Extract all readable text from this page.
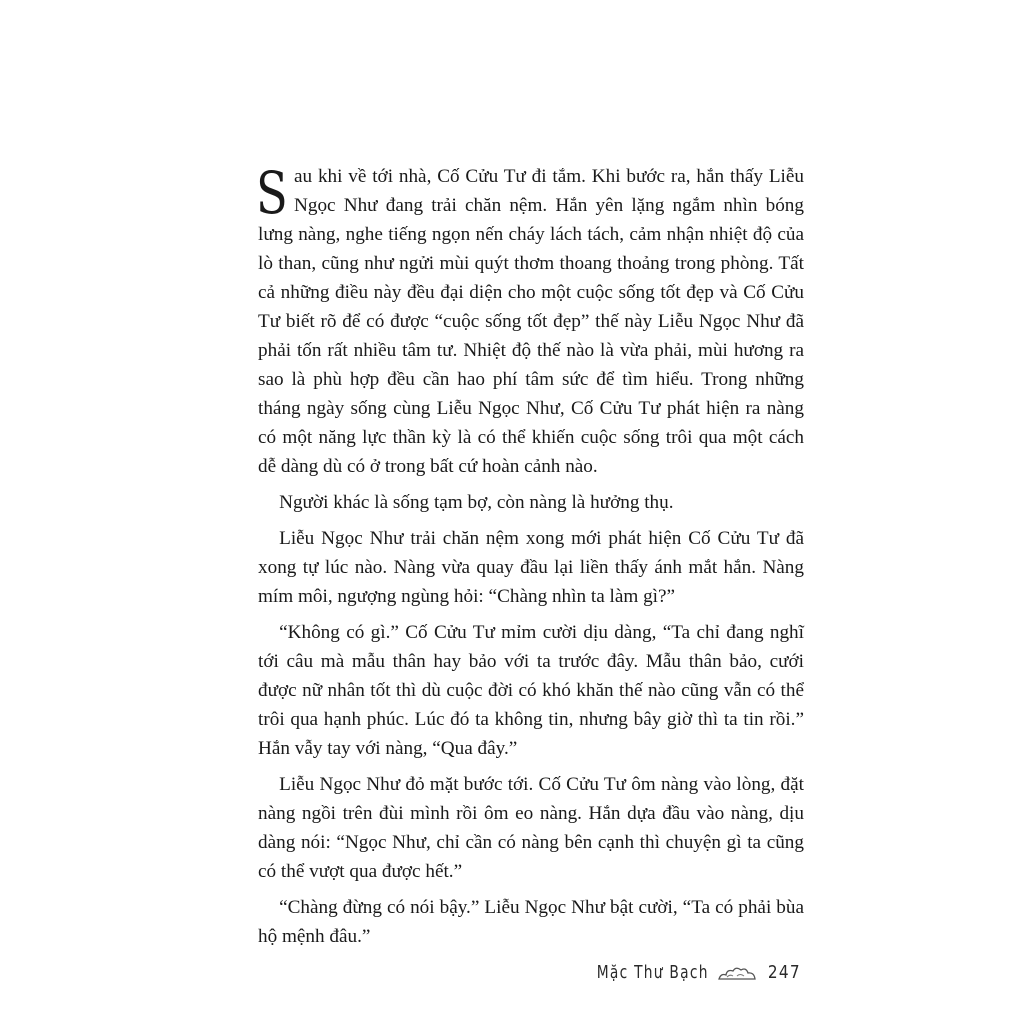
Sau khi về tới nhà, Cố Cửu Tư đi tắm. Khi bước ra, hắn thấy Liễu Ngọc Như đang trải chăn nệm. Hắn yên lặng ngắm nhìn bóng lưng nàng, nghe tiếng ngọn nến cháy lách tách, cảm nhận nhiệt độ của lò than, cũng như ngửi mùi quýt thơm thoang thoảng trong phòng. Tất cả những điều này đều đại diện cho một cuộc sống tốt đẹp và Cố Cửu Tư biết rõ để có được “cuộc sống tốt đẹp” thế này Liễu Ngọc Như đã phải tốn rất nhiều tâm tư. Nhiệt độ thế nào là vừa phải, mùi hương ra sao là phù hợp đều cần hao phí tâm sức để tìm hiểu. Trong những tháng ngày sống cùng Liễu Ngọc Như, Cố Cửu Tư phát hiện ra nàng có một năng lực thần kỳ là có thể khiến cuộc sống trôi qua một cách dễ dàng dù có ở trong bất cứ hoàn cảnh nào.

Người khác là sống tạm bợ, còn nàng là hưởng thụ.

Liễu Ngọc Như trải chăn nệm xong mới phát hiện Cố Cửu Tư đã xong tự lúc nào. Nàng vừa quay đầu lại liền thấy ánh mắt hắn. Nàng mím môi, ngượng ngùng hỏi: “Chàng nhìn ta làm gì?”

“Không có gì.” Cố Cửu Tư mỉm cười dịu dàng, “Ta chỉ đang nghĩ tới câu mà mẫu thân hay bảo với ta trước đây. Mẫu thân bảo, cưới được nữ nhân tốt thì dù cuộc đời có khó khăn thế nào cũng vẫn có thể trôi qua hạnh phúc. Lúc đó ta không tin, nhưng bây giờ thì ta tin rồi.” Hắn vẫy tay với nàng, “Qua đây.”

Liễu Ngọc Như đỏ mặt bước tới. Cố Cửu Tư ôm nàng vào lòng, đặt nàng ngồi trên đùi mình rồi ôm eo nàng. Hắn dựa đầu vào nàng, dịu dàng nói: “Ngọc Như, chỉ cần có nàng bên cạnh thì chuyện gì ta cũng có thể vượt qua được hết.”

“Chàng đừng có nói bậy.” Liễu Ngọc Như bật cười, “Ta có phải bùa hộ mệnh đâu.”

Mặc Thư Bạch	247
